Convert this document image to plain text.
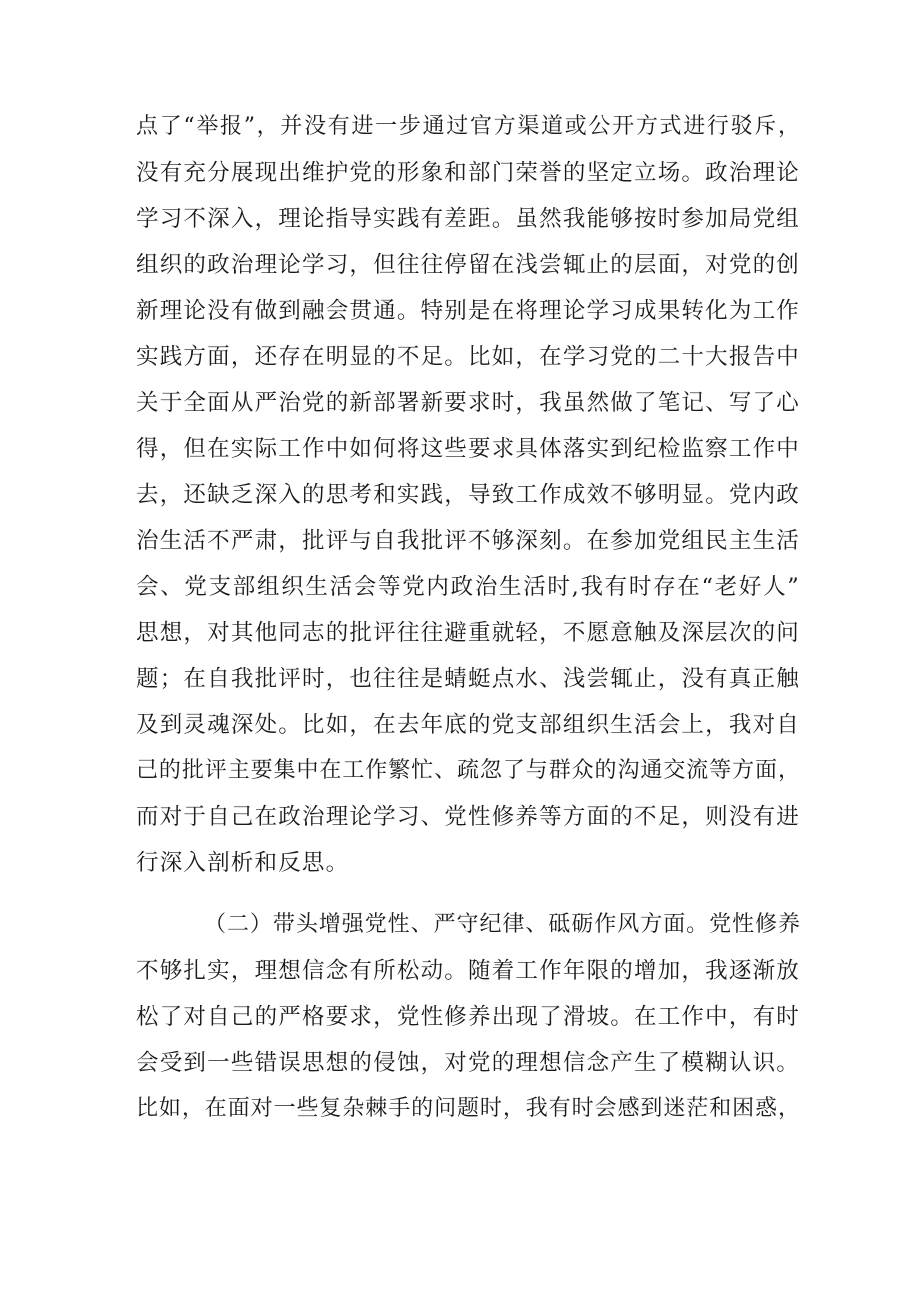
点了“举报”，并没有进一步通过官方渠道或公开方式进行驳斥，
没有充分展现出维护党的形象和部门荣誉的坚定立场。政治理论
学习不深入，理论指导实践有差距。虽然我能够按时参加局党组
组织的政治理论学习，但往往停留在浅尝辄止的层面，对党的创
新理论没有做到融会贯通。特别是在将理论学习成果转化为工作
实践方面，还存在明显的不足。比如，在学习党的二十大报告中
关于全面从严治党的新部署新要求时，我虽然做了笔记、写了心
得，但在实际工作中如何将这些要求具体落实到纪检监察工作中
去，还缺乏深入的思考和实践，导致工作成效不够明显。党内政
治生活不严肃，批评与自我批评不够深刻。在参加党组民主生活
会、党支部组织生活会等党内政治生活时,我有时存在“老好人”
思想，对其他同志的批评往往避重就轻，不愿意触及深层次的问
题；在自我批评时，也往往是蜻蜓点水、浅尝辄止，没有真正触
及到灵魂深处。比如，在去年底的党支部组织生活会上，我对自
己的批评主要集中在工作繁忙、疏忽了与群众的沟通交流等方面，
而对于自己在政治理论学习、党性修养等方面的不足，则没有进
行深入剖析和反思。
（二）带头增强党性、严守纪律、砥砺作风方面。党性修养
不够扎实，理想信念有所松动。随着工作年限的增加，我逐渐放
松了对自己的严格要求，党性修养出现了滑坡。在工作中，有时
会受到一些错误思想的侵蚀，对党的理想信念产生了模糊认识。
比如，在面对一些复杂棘手的问题时，我有时会感到迷茫和困惑，
